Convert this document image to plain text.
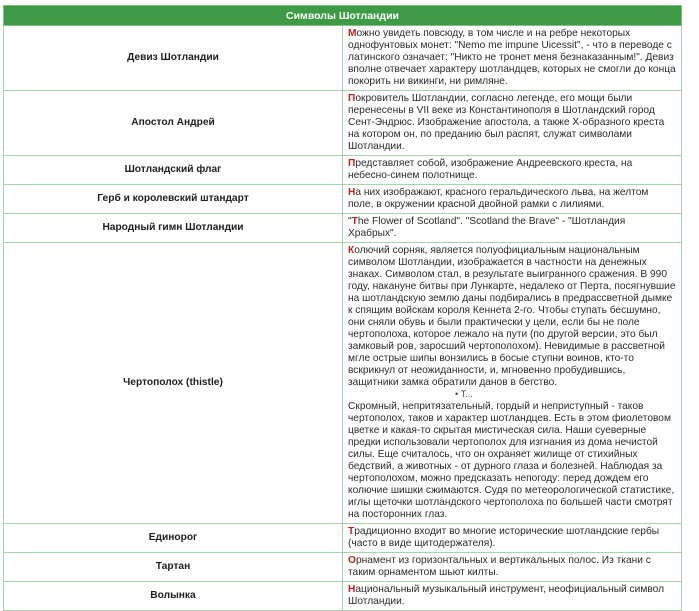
Символы Шотландии	
Девиз Шотландии	Можно увидеть повсюду, в том числе и на ребре некоторых однофунтовых монет: "Nemo me impune Uicessit", - что в переводе с латинского означает: "Никто не тронет меня безнаказанным!". Девиз вполне отвечает характеру шотландцев, которых не смогли до конца покорить ни викинги, ни римляне.

Апостол Андрей	Покровитель Шотландии, согласно легенде, его мощи были перенесены в VII веке из Константинополя в Шотландский город Сент-Эндрюс. Изображение апостола, а также Х-образного креста на котором он, по преданию был распят, служат символами Шотландии.

Шотландский флаг	Представляет собой, изображение Андреевского креста, на небесно-синем полотнище.

Герб и королевский штандарт	На них изображают, красного геральдического льва, на желтом поле, в окружении красной двойной рамки с лилиями.

Народный гимн Шотландии	"The Flower of Scotland". "Scotland the Brave" - "Шотландия Храбрых".

Чертополох (thistle)	Колючий сорняк, является полуофициальным национальным символом Шотландии, изображается в частности на денежных знаках. Символом стал, в результате выигранного сражения. В 990 году, накануне битвы при Лункарте, недалеко от Перта, посягнувшие на шотландскую землю даны подбирались в предрассветной дымке к спящим войскам короля Кеннета 2-го. Чтобы ступать бесшумно, они сняли обувь и были практически у цели, если бы не поле чертополоха, которое лежало на пути (по другой версии, это был замковый ров, заросший чертополохом). Невидимые в рассветной мгле острые шипы вонзились в босые ступни воинов, кто-то вскрикнул от неожиданности, и, мгновенно пробудившись, защитники замка обратили данов в бегство.

Скромный, непритязательный, гордый и неприступный - таков чертополох, таков и характер шотландцев. Есть в этом фиолетовом цветке и какая-то скрытая мистическая сила. Наши суеверные предки использовали чертополох для изгнания из дома нечистой силы. Еще считалось, что он охраняет жилище от стихийных бедствий, а животных - от дурного глаза и болезней. Наблюдая за чертополохом, можно предсказать непогоду: перед дождем его колючие шишки сжимаются. Судя по метеорологической статистике, иглы щеточки шотландского чертополоха по большей части смотрят на посторонних глаз.

Единорог	Традиционно входит во многие исторические шотландские гербы (часто в виде щитодержателя).

Тартан	Орнамент из горизонтальных и вертикальных полос. Из ткани с таким орнаментом шьют килты.

Волынка	Национальный музыкальный инструмент, неофициальный символ Шотландии.

• Т...
